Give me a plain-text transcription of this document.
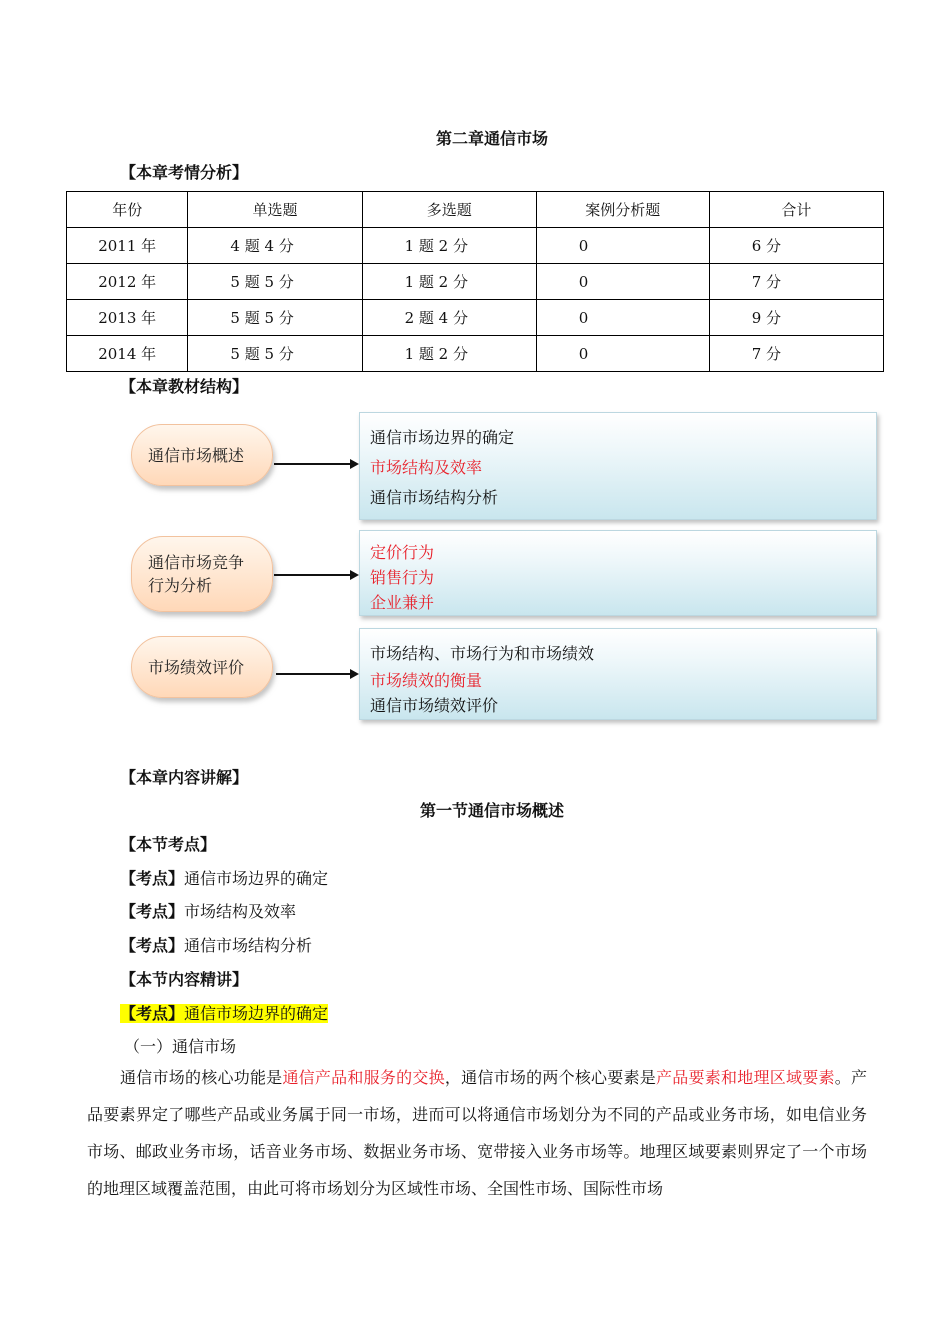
第二章通信市场
【本章考情分析】
年份	单选题	多选题	案例分析题	合计
2011 年	4 题 4 分	1 题 2 分	0	6 分
2012 年	5 题 5 分	1 题 2 分	0	7 分
2013 年	5 题 5 分	2 题 4 分	0	9 分
2014 年	5 题 5 分	1 题 2 分	0	7 分
【本章教材结构】
通信市场概述
通信市场边界的确定
市场结构及效率
通信市场结构分析
通信市场竞争
行为分析
定价行为
销售行为
企业兼并
市场绩效评价
市场结构、市场行为和市场绩效
市场绩效的衡量
通信市场绩效评价
【本章内容讲解】
第一节通信市场概述
【本节考点】
【考点】通信市场边界的确定
【考点】市场结构及效率
【考点】通信市场结构分析
【本节内容精讲】
【考点】通信市场边界的确定
（一）通信市场
通信市场的核心功能是通信产品和服务的交换，通信市场的两个核心要素是产品要素和地理区域要素。产品要素界定了哪些产品或业务属于同一市场，进而可以将通信市场划分为不同的产品或业务市场，如电信业务市场、邮政业务市场，话音业务市场、数据业务市场、宽带接入业务市场等。地理区域要素则界定了一个市场的地理区域覆盖范围，由此可将市场划分为区域性市场、全国性市场、国际性市场
